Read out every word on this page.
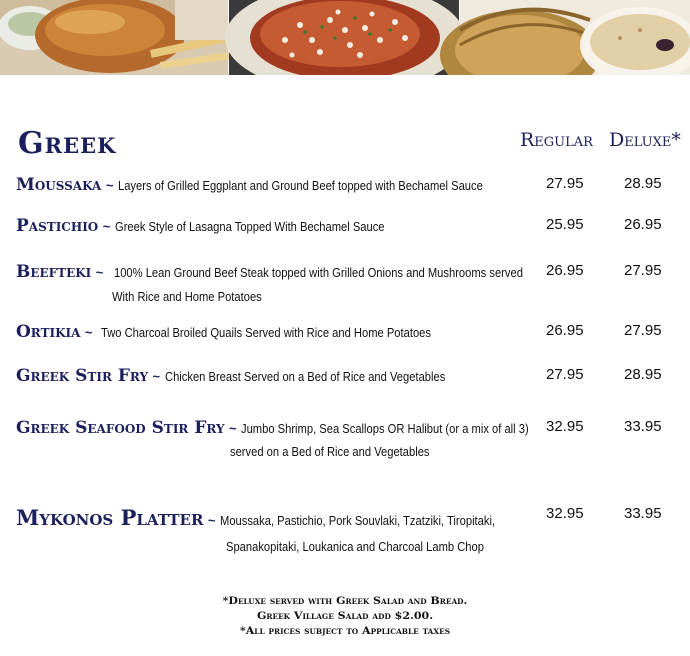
Greek	Regular Deluxe*
Moussaka ~ Layers of Grilled Eggplant and Ground Beef topped with Bechamel Sauce	27.95	28.95
Pastichio ~ Greek Style of Lasagna Topped With Bechamel Sauce	25.95	26.95
Beefteki ~ 100% Lean Ground Beef Steak topped with Grilled Onions and Mushrooms served
With Rice and Home Potatoes
26.95	27.95
Ortikia ~ Two Charcoal Broiled Quails Served with Rice and Home Potatoes	26.95	27.95
Greek Stir Fry ~ Chicken Breast Served on a Bed of Rice and Vegetables	27.95	28.95
Greek Seafood Stir Fry ~ Jumbo Shrimp, Sea Scallops OR Halibut (or a mix of all 3)
served on a Bed of Rice and Vegetables
32.95	33.95
Mykonos Platter ~ Moussaka, Pastichio, Pork Souvlaki, Tzatziki, Tiropitaki,
Spanakopitaki, Loukanica and Charcoal Lamb Chop
32.95	33.95
*Deluxe served with Greek Salad and Bread.
Greek Village Salad add $2.00.
*All prices subject to Applicable taxes
